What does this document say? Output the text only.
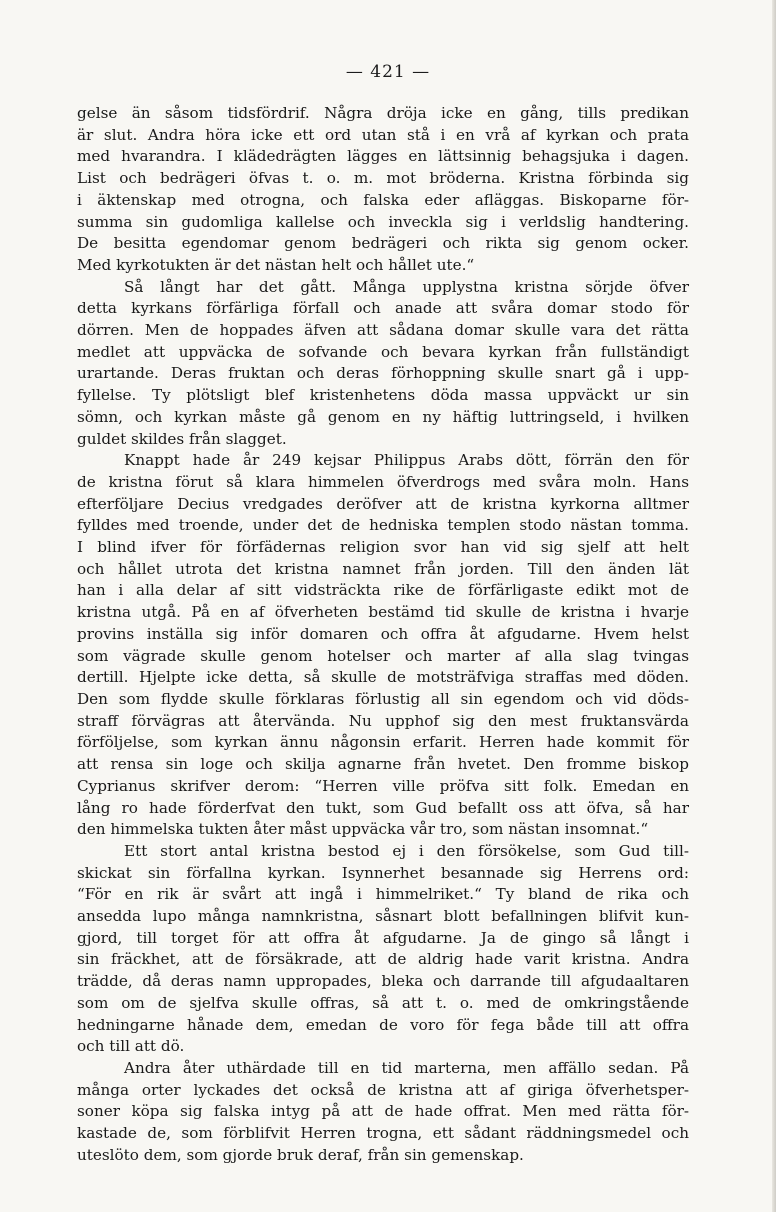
— 421 —

gelse än såsom tidsfördrif. Några dröja icke en gång, tills predikan

är slut. Andra höra icke ett ord utan stå i en vrå af kyrkan och prata

med hvarandra. I klädedrägten lägges en lättsinnig behagsjuka i dagen.

List och bedrägeri öfvas t. o. m. mot bröderna. Kristna förbinda sig

i äktenskap med otrogna, och falska eder afläggas. Biskoparne för-

summa sin gudomliga kallelse och inveckla sig i verldslig handtering.

De besitta egendomar genom bedrägeri och rikta sig genom ocker.

Med kyrkotukten är det nästan helt och hållet ute.“

Så långt har det gått. Många upplystna kristna sörjde öfver

detta kyrkans förfärliga förfall och anade att svåra domar stodo för

dörren. Men de hoppades äfven att sådana domar skulle vara det rätta

medlet att uppväcka de sofvande och bevara kyrkan från fullständigt

urartande. Deras fruktan och deras förhoppning skulle snart gå i upp-

fyllelse. Ty plötsligt blef kristenhetens döda massa uppväckt ur sin

sömn, och kyrkan måste gå genom en ny häftig luttringseld, i hvilken

guldet skildes från slagget.

Knappt hade år 249 kejsar Philippus Arabs dött, förrän den för

de kristna förut så klara himmelen öfverdrogs med svåra moln. Hans

efterföljare Decius vredgades deröfver att de kristna kyrkorna alltmer

fylldes med troende, under det de hedniska templen stodo nästan tomma.

I blind ifver för förfädernas religion svor han vid sig sjelf att helt

och hållet utrota det kristna namnet från jorden. Till den änden lät

han i alla delar af sitt vidsträckta rike de förfärligaste edikt mot de

kristna utgå. På en af öfverheten bestämd tid skulle de kristna i hvarje

provins inställa sig inför domaren och offra åt afgudarne. Hvem helst

som vägrade skulle genom hotelser och marter af alla slag tvingas

dertill. Hjelpte icke detta, så skulle de motsträfviga straffas med döden.

Den som flydde skulle förklaras förlustig all sin egendom och vid döds-

straff förvägras att återvända. Nu upphof sig den mest fruktansvärda

förföljelse, som kyrkan ännu någonsin erfarit. Herren hade kommit för

att rensa sin loge och skilja agnarne från hvetet. Den fromme biskop

Cyprianus skrifver derom: “Herren ville pröfva sitt folk. Emedan en

lång ro hade förderfvat den tukt, som Gud befallt oss att öfva, så har

den himmelska tukten åter måst uppväcka vår tro, som nästan insomnat.“

Ett stort antal kristna bestod ej i den försökelse, som Gud till-

skickat sin förfallna kyrkan. Isynnerhet besannade sig Herrens ord:

“För en rik är svårt att ingå i himmelriket.“ Ty bland de rika och

ansedda lupo många namnkristna, såsnart blott befallningen blifvit kun-

gjord, till torget för att offra åt afgudarne. Ja de gingo så långt i

sin fräckhet, att de försäkrade, att de aldrig hade varit kristna. Andra

trädde, då deras namn uppropades, bleka och darrande till afgudaaltaren

som om de sjelfva skulle offras, så att t. o. med de omkringstående

hedningarne hånade dem, emedan de voro för fega både till att offra

och till att dö.

Andra åter uthärdade till en tid marterna, men affällo sedan. På

många orter lyckades det också de kristna att af giriga öfverhetsper-

soner köpa sig falska intyg på att de hade offrat. Men med rätta för-

kastade de, som förblifvit Herren trogna, ett sådant räddningsmedel och

uteslöto dem, som gjorde bruk deraf, från sin gemenskap.
